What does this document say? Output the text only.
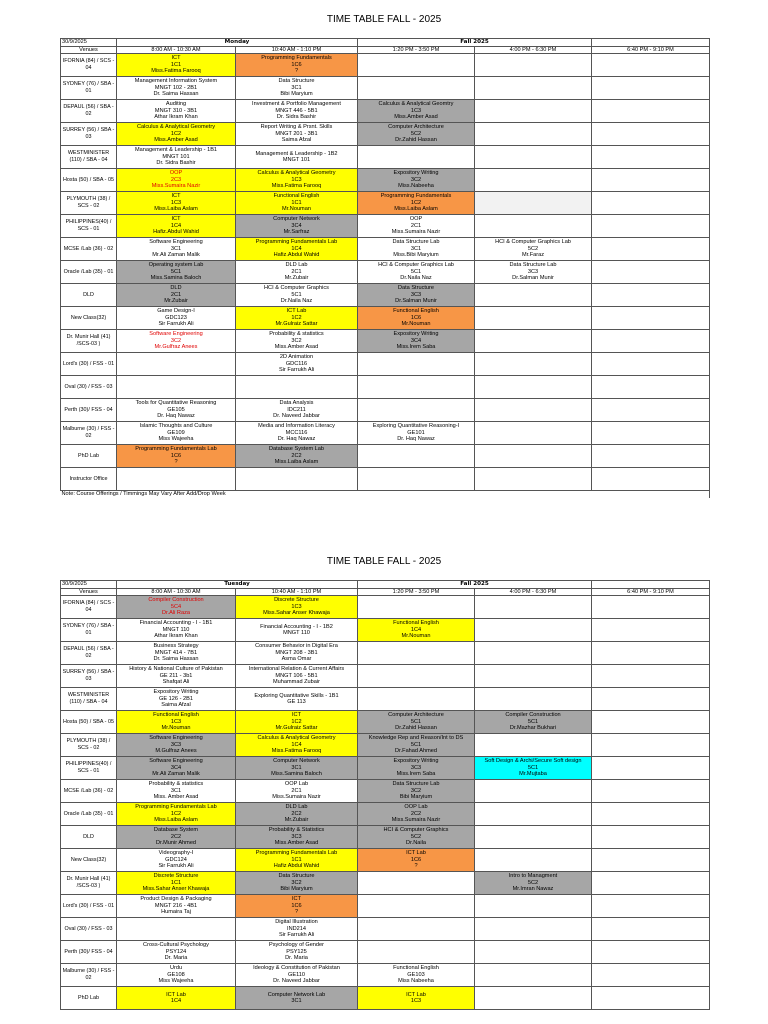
TIME TABLE FALL - 2025
30/9/2025	Monday		Fall 2025		
Venues	8:00 AM - 10:30 AM	10:40 AM - 1:10 PM	1:20 PM - 3:50 PM	4:00 PM - 6:30 PM	6:40 PM - 9:10 PM
IFORNIA (84) / SCS - 04	ICT
1C1
Miss.Fatima Farooq	Programming Fundamentals
1C6
?			

SYDNEY (76) / SBA - 01	Management Information System
MNGT 102 - 2B1
Dr. Saima Hassan	Data Structure
3C1
Bibi Maryium			

DEPAUL (56) / SBA - 02	Auditing
MNGT 310 - 3B1
Athar Ikram Khan	Investment & Portfolio Management
MNGT 446 - 5B1
Dr. Sidra Bashir	Calculus & Analytical Geomtry
1C3
Miss.Amber Asad		

SURREY (56) / SBA - 03	Calculus & Analytical Geometry
1C2
Miss.Amber Asad	Report Writing & Prsnt. Skills
MNGT 201 - 3B1
Saima Afzal	Computer Architecture
5C2
Dr.Zahid Hassan		

WESTMINISTER (110) / SBA - 04	Management & Leadership - 1B1
MNGT 101
Dr. Sidra Bashir	Management & Leadership - 1B2
MNGT 101			

Hosta (50) / SBA - 05	OOP
2C3
Miss.Sumaira Nazir	Calculus & Analytical Geometry
1C3
Miss.Fatima Farooq	Expository Writing
3C2
Miss.Nabeeha		

PLYMOUTH (38) / SCS - 02	ICT
1C3
Miss.Laiba Aslam	Functional English
1C1
Mr.Nouman	Programming Fundamentals
1C2
Miss.Laiba Aslam		

PHILIPPINES(40) / SCS - 01	ICT
1C4
Hafiz.Abdul Wahid	Computer Network
3C4
Mr.Sarfraz	OOP
2C1
Miss.Sumaira Nazir		

MCSE /Lab (36) - 02	Software Engineering
3C1
Mr.Ali Zaman Malik	Programming Fundamentals Lab
1C4
Hafiz.Abdul Wahid	Data Structure Lab
3C1
Miss.Bibi Maryium	HCI & Computer Graphics Lab
5C2
Mr.Faraz	

Oracle /Lab (35) - 01	Operating system Lab
5C1
Miss.Samina Baloch	DLD Lab
2C1
Mr.Zubair	HCI & Computer Graphics Lab
5C1
Dr.Naila Naz	Data Structure Lab
3C3
Dr.Salman Munir	

DLD	DLD
2C1
Mr.Zubair	HCI & Computer Graphics
5C1
Dr.Naila Naz	Data Structure
3C3
Dr.Salman Munir		

New Class(32)	Game Design-I
GDC123
Sir Farrukh Ali	ICT Lab
1C2
Mr.Gulraiz Sattar	Functional English
1C6
Mr.Nouman		

Dr. Munir Hall (41) /SCS-03 )	Software Engineering
3C2
Mr.Gulfraz Anees	Probability & statistics
3C2
Miss.Amber Asad	Expository Writing
3C4
Miss.Irem Saba		

Lord's (30) / FSS - 01		2D Animation
GDC116
Sir Farrukh Ali			

Oval (30) / FSS - 03					
Perth (30)/ FSS - 04	Tools for Quantitative Reasoning
GE105
Dr. Haq Nawaz	Data Analysis
IDC211
Dr. Naveed Jabbar			

Malburne (30) / FSS - 02	Islamic Thoughts and Culture
GE109
Miss Wajeeha	Media and Information Literacy
MCC116
Dr. Haq Nawaz	Exploring Quantitative Reasoning-I
GE101
Dr. Haq Nawaz		

PhD Lab	Programming Fundamentals Lab
1C6
?	Database System Lab
2C2
Miss.Laiba Aslam			

Instructor Office					
Note: Course Offerings / Timmings May Vary After Add/Drop Week					
TIME TABLE FALL - 2025
30/9/2025	Tuesday		Fall 2025		
Venues	8:00 AM - 10:30 AM	10:40 AM - 1:10 PM	1:20 PM - 3:50 PM	4:00 PM - 6:30 PM	6:40 PM - 9:10 PM
IFORNIA (84) / SCS - 04	Compiler Construction
5C4
Dr.Ali Raza	Discrete Structure
1C3
Miss.Sahar Anser Khawaja			

SYDNEY (76) / SBA - 01	Financial Accounting - I - 1B1
MNGT 110
Athar Ikram Khan	Financial Accounting - I - 1B2
MNGT 110	Functional English
1C4
Mr.Nouman		

DEPAUL (56) / SBA - 02	Business Strategy
MNGT 414 - 7B1
Dr. Saima Hassan	Consumer Behavior in Digital Era
MNGT 208 - 3B1
Asma Omar			

SURREY (56) / SBA - 03	History & National Culture of Pakistan
GE 211 - 3b1
Shafqat Ali	International Relation & Current Affairs
MNGT 106 - 5B1
Muhammad Zubair			

WESTMINISTER (110) / SBA - 04	Expository Writing
GE 126 - 2B1
Saima Afzal	Exploring Quantitative Skills - 1B1
GE 113			

Hosta (50) / SBA - 05	Functional English
1C3
Mr.Nouman	ICT
1C2
Mr.Gulraiz Sattar	Computer Architecture
5C1
Dr.Zahid Hassan	Compiler Construction
5C1
Dr.Mazhar Bukhari	

PLYMOUTH (38) / SCS - 02	Software Engineering
3C3
M.Gulfraz Anees	Calculus & Analytical Geometry
1C4
Miss.Fatima Farooq	Knowledge Rep and Reason/Int to DS
5C1
Dr.Fahad Ahmed		

PHILIPPINES(40) / SCS - 01	Software Engineering
3C4
Mr.Ali Zaman Malik	Computer Network
3C1
Miss.Samina Baloch	Expository Writing
3C3
Miss.Irem Saba	Soft Design & Archi/Secure Soft design
5C1
Mr.Mujtaba	

MCSE /Lab (36) - 02	Probability & statistics
3C1
Miss. Amber Asad	OOP Lab
2C1
Miss.Sumaira Nazir	Data Structure Lab
3C2
Bibi Maryium		

Oracle /Lab (35) - 01	Programming Fundamentals Lab
1C2
Miss.Laiba Aslam	DLD Lab
2C2
Mr.Zubair	OOP Lab
2C2
Miss.Sumaira Nazir		

DLD	Database System
2C2
Dr.Munir Ahmed	Probability & Statistics
3C3
Miss.Amber Asad	HCI & Computer Graphics
5C2
Dr.Naila		

New Class(32)	Videography-I
GDC124
Sir Farrukh Ali	Programming Fundamentals Lab
1C1
Hafiz Abdul Wahid	ICT Lab
1C6
?		

Dr. Munir Hall (41) /SCS-03 )	Discrete Structure
1C1
Miss.Sahar Anser Khawaja	Data Structure
3C2
Bibi Maryium		Intro to Managment
5C2
Mr.Imran Nawaz	

Lord's (30) / FSS - 01	Product Design & Packaging
MNGT 216 - 4B1
Humaira Taj	ICT
1C6
?			

Oval (30) / FSS - 03		Digital Illustration
IND214
Sir Farrukh Ali			

Perth (30)/ FSS - 04	Cross-Cultural Psychology
PSY124
Dr. Maria	Psychology of Gender
PSY125
Dr. Maria			

Malburne (30) / FSS - 02	Urdu
GE108
Miss Wajeeha	Ideology & Constitution of Pakistan
GE110
Dr. Naveed Jabbar	Functional English
GE103
Miss Nabeeha		

PhD Lab	ICT Lab
1C4	Computer Network Lab
3C1	ICT Lab
1C3		
